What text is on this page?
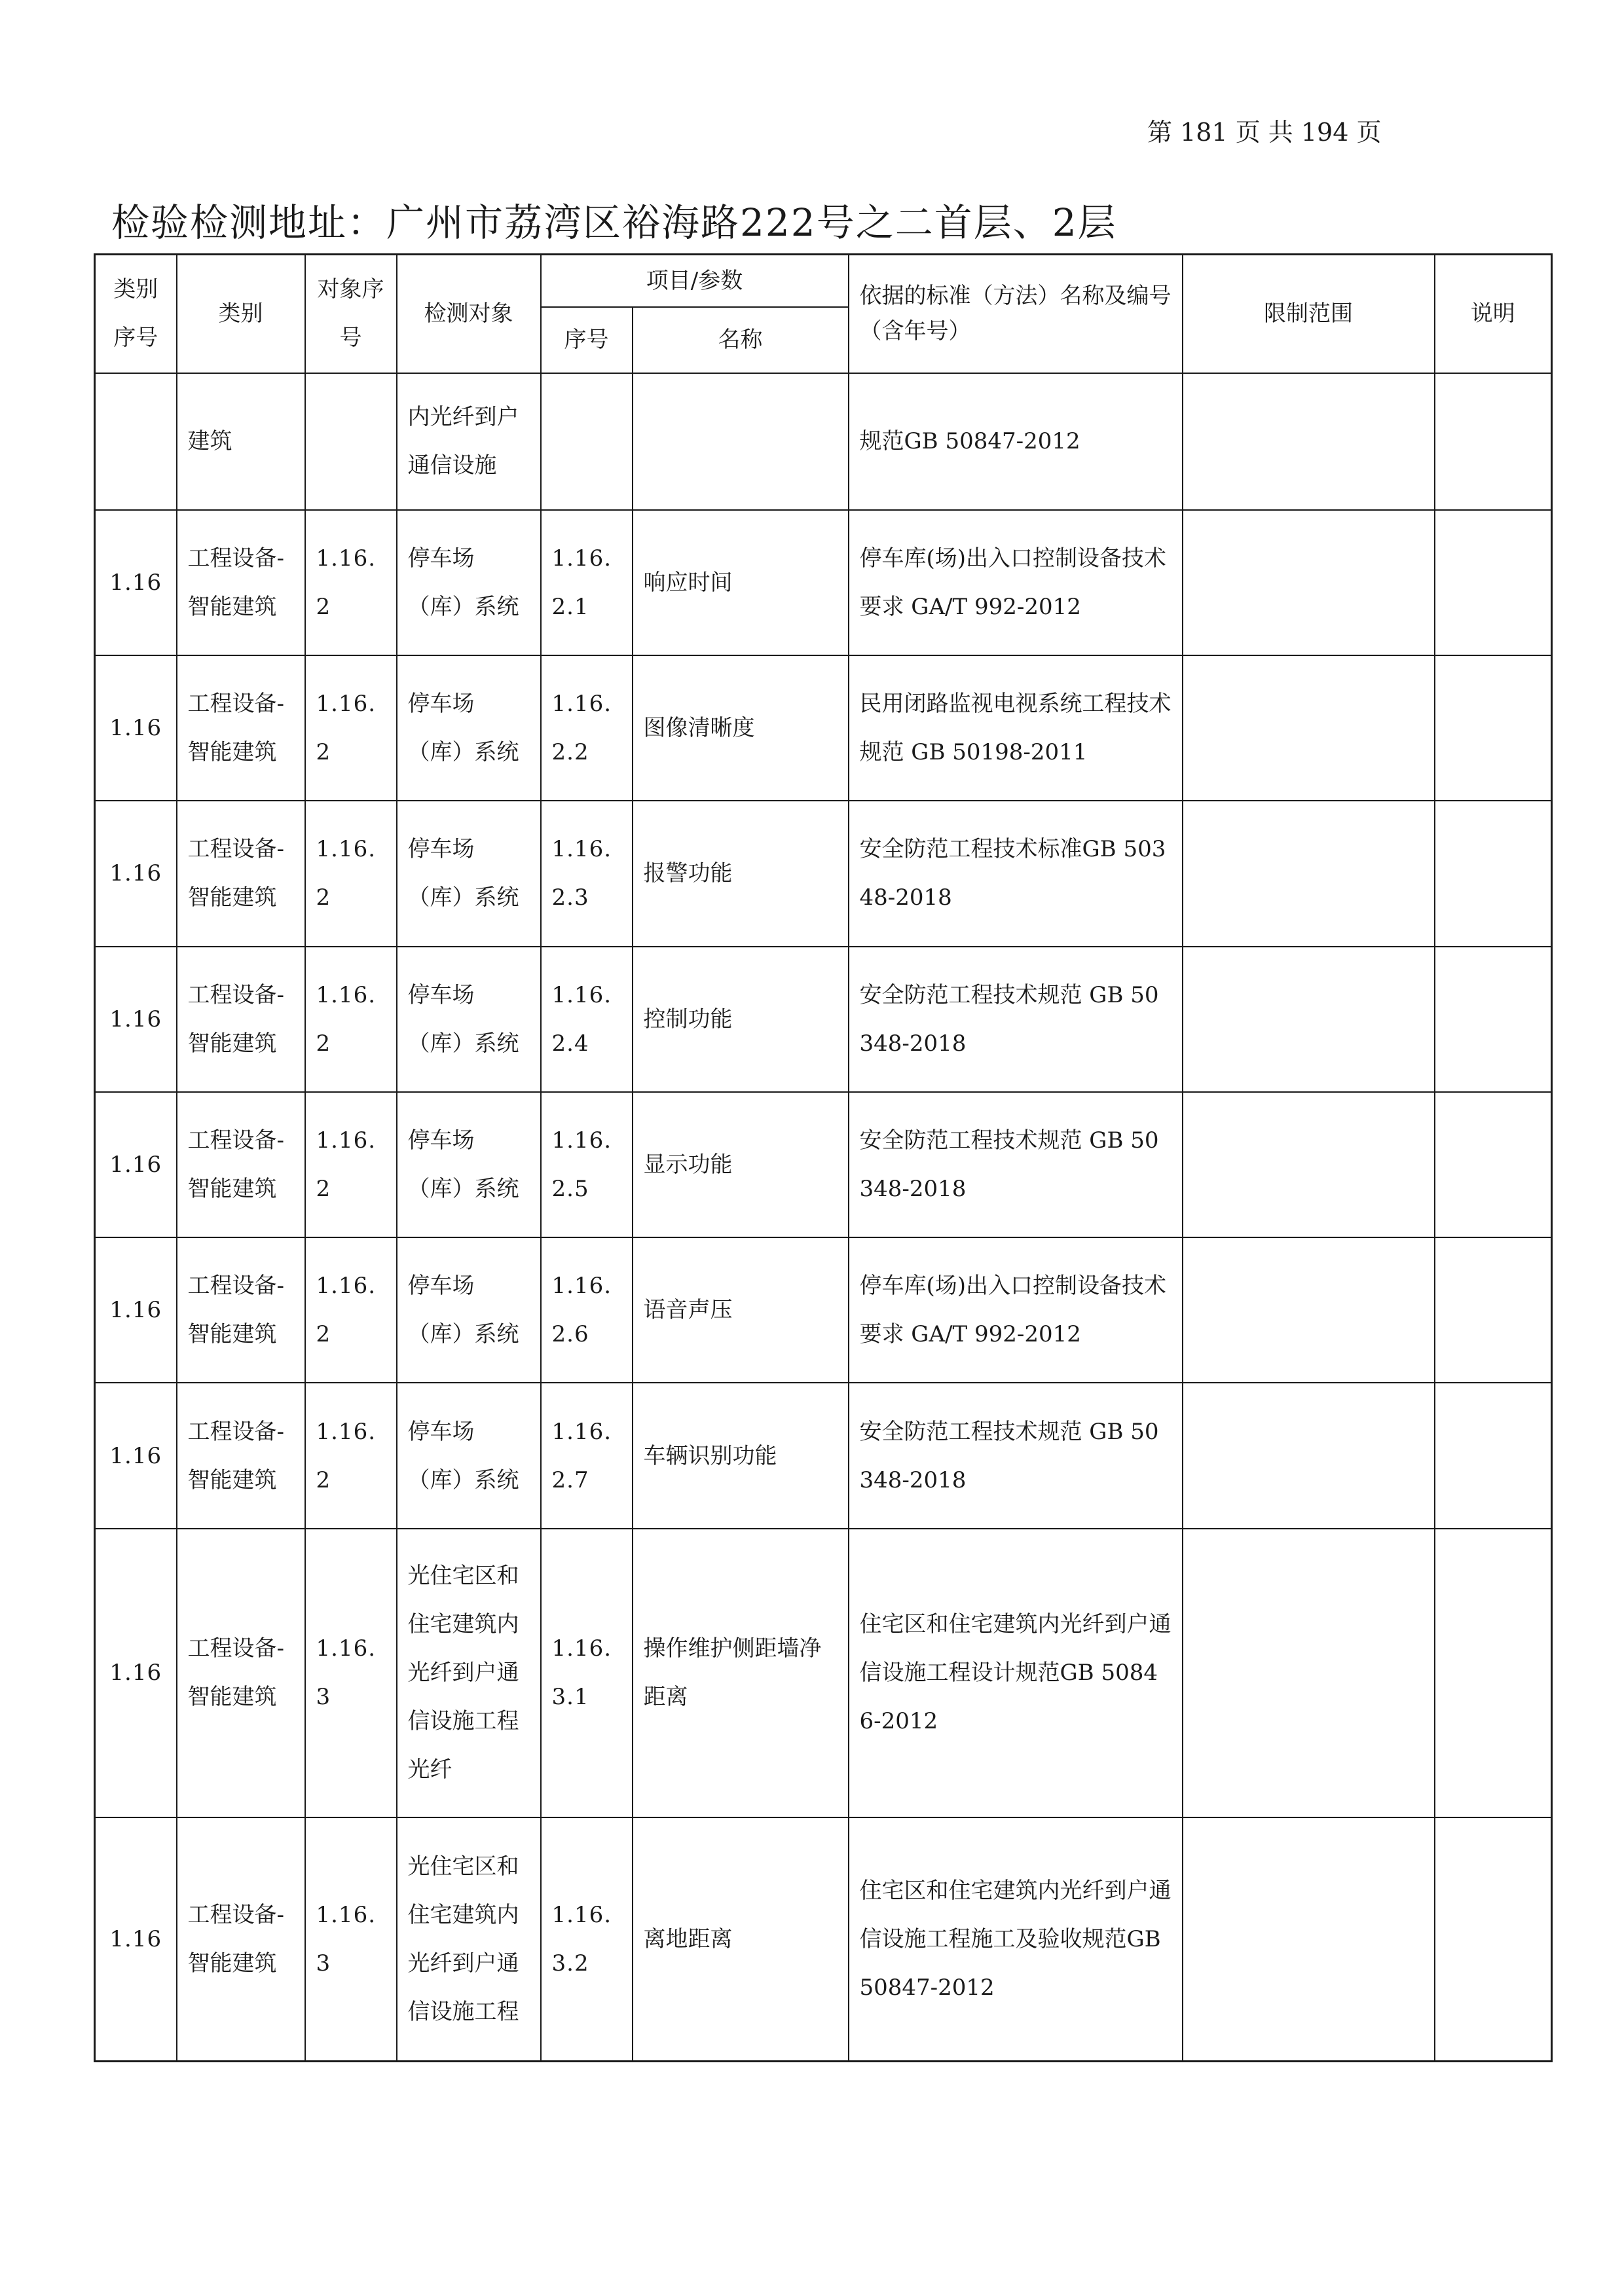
第 181 页 共 194 页
检验检测地址：广州市荔湾区裕海路222号之二首层、2层
类别序号	类别	对象序号	检测对象	项目/参数		依据的标准（方法）名称及编号（含年号）	限制范围	说明
				序号	名称			
	建筑		内光纤到户通信设施			规范GB 50847-2012		
1.16	工程设备-智能建筑	1.16.2	停车场（库）系统	1.16.2.1	响应时间	停车库(场)出入口控制设备技术要求 GA/T 992-2012		
1.16	工程设备-智能建筑	1.16.2	停车场（库）系统	1.16.2.2	图像清晰度	民用闭路监视电视系统工程技术规范 GB 50198-2011		
1.16	工程设备-智能建筑	1.16.2	停车场（库）系统	1.16.2.3	报警功能	安全防范工程技术标准GB 50348-2018		
1.16	工程设备-智能建筑	1.16.2	停车场（库）系统	1.16.2.4	控制功能	安全防范工程技术规范 GB 50348-2018		
1.16	工程设备-智能建筑	1.16.2	停车场（库）系统	1.16.2.5	显示功能	安全防范工程技术规范 GB 50348-2018		
1.16	工程设备-智能建筑	1.16.2	停车场（库）系统	1.16.2.6	语音声压	停车库(场)出入口控制设备技术要求 GA/T 992-2012		
1.16	工程设备-智能建筑	1.16.2	停车场（库）系统	1.16.2.7	车辆识别功能	安全防范工程技术规范 GB 50348-2018		
1.16	工程设备-智能建筑	1.16.3	光住宅区和住宅建筑内光纤到户通信设施工程光纤	1.16.3.1	操作维护侧距墙净距离	住宅区和住宅建筑内光纤到户通信设施工程设计规范GB 50846-2012		
1.16	工程设备-智能建筑	1.16.3	光住宅区和住宅建筑内光纤到户通信设施工程	1.16.3.2	离地距离	住宅区和住宅建筑内光纤到户通信设施工程施工及验收规范GB 50847-2012		
